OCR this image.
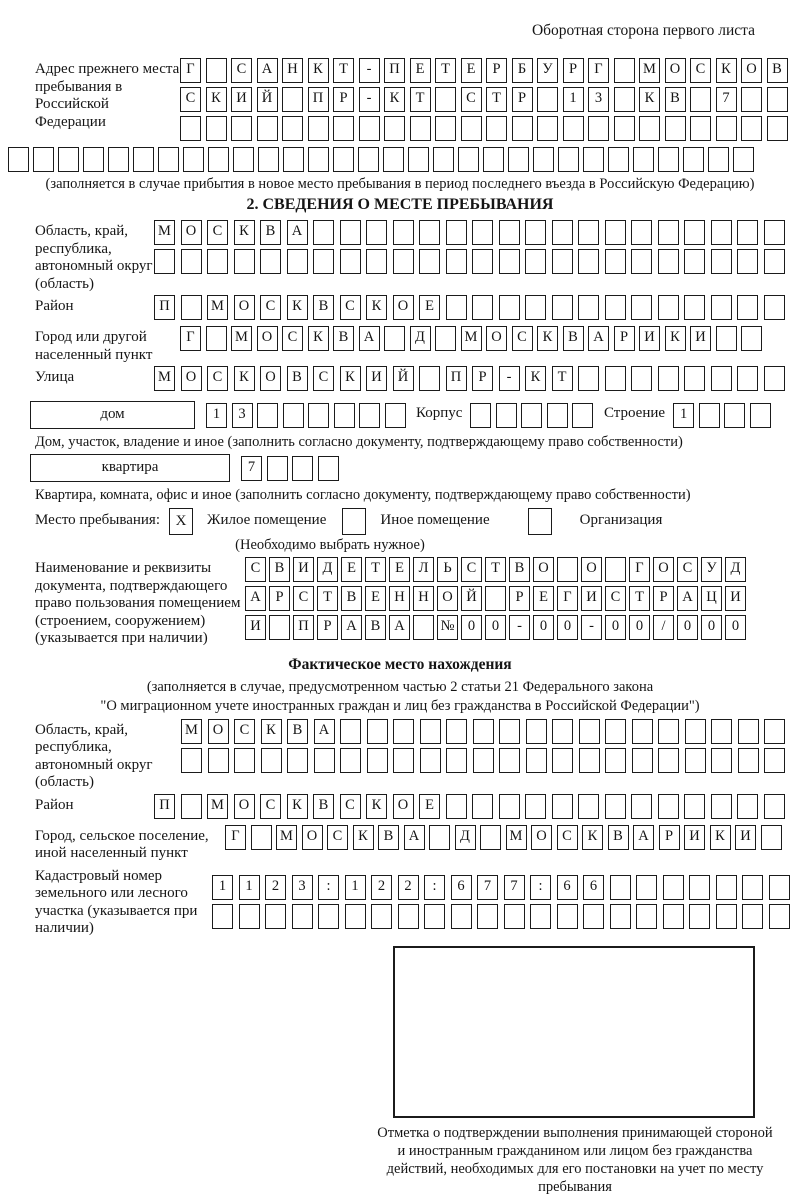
Оборотная сторона первого листа
Адрес прежнего места пребывания в Российской Федерации
Г	С	А	Н	К	Т	-	П	Е	Т	Е	Р	Б	У	Р	Г	М О	С	К	О	В
С	К	И	Й	П	Р	-	К	Т	С	Т	Р	1	3	К	В	7
(заполняется в случае прибытия в новое место пребывания в период последнего въезда в Российскую Федерацию)
2. СВЕДЕНИЯ О МЕСТЕ ПРЕБЫВАНИЯ
Область, край, республика, автономный округ (область)
М	О	С	К	В	А
Район	П	М	О	С	К	В	С	К	О	Е
Город или другой населенный пункт
Г	М О	С	К	В	А	Д	М О	С	К	В	А	Р	И	К	И
Улица	М	О	С	К	О	В	С	К	И	Й	П	Р	-	К	Т
дом	1	3	Корпус	Строение	1
Дом, участок, владение и иное (заполнить согласно документу, подтверждающему право собственности)
квартира	7
Квартира, комната, офис и иное (заполнить согласно документу, подтверждающему право собственности)
Место пребывания:	X	Жилое помещение	Иное помещение	Организация
(Необходимо выбрать нужное)
Наименование и реквизиты документа, подтверждающего право пользования помещением (строением, сооружением) (указывается при наличии)
С В И Д	Е	Т	Е	Л	Ь	С	Т	В О	О	Г	О С У Д
А	Р	С	Т	В	Е Н Н О Й	Р	Е	Г	И С	Т	Р	А Ц И
И	П	Р	А В А	№ 0	0	-	0	0	-	0	0	/	0	0	0
Фактическое место нахождения
(заполняется в случае, предусмотренном частью 2 статьи 21 Федерального закона
"О миграционном учете иностранных граждан и лиц без гражданства в Российской Федерации")
Область, край, республика, автономный округ (область)
М	О	С	К	В	А
Район	П	М	О	С	К	В	С	К	О	Е
Город, сельское поселение, иной населенный пункт
Г	М О	С	К	В	А	Д	М О	С	К	В	А	Р	И	К	И
Кадастровый номер земельного или лесного участка (указывается при наличии)
1	1	2	3	:	1	2	2	:	6	7	7	:	6	6
Отметка о подтверждении выполнения принимающей стороной и иностранным гражданином или лицом без гражданства действий, необходимых для его постановки на учет по месту пребывания
